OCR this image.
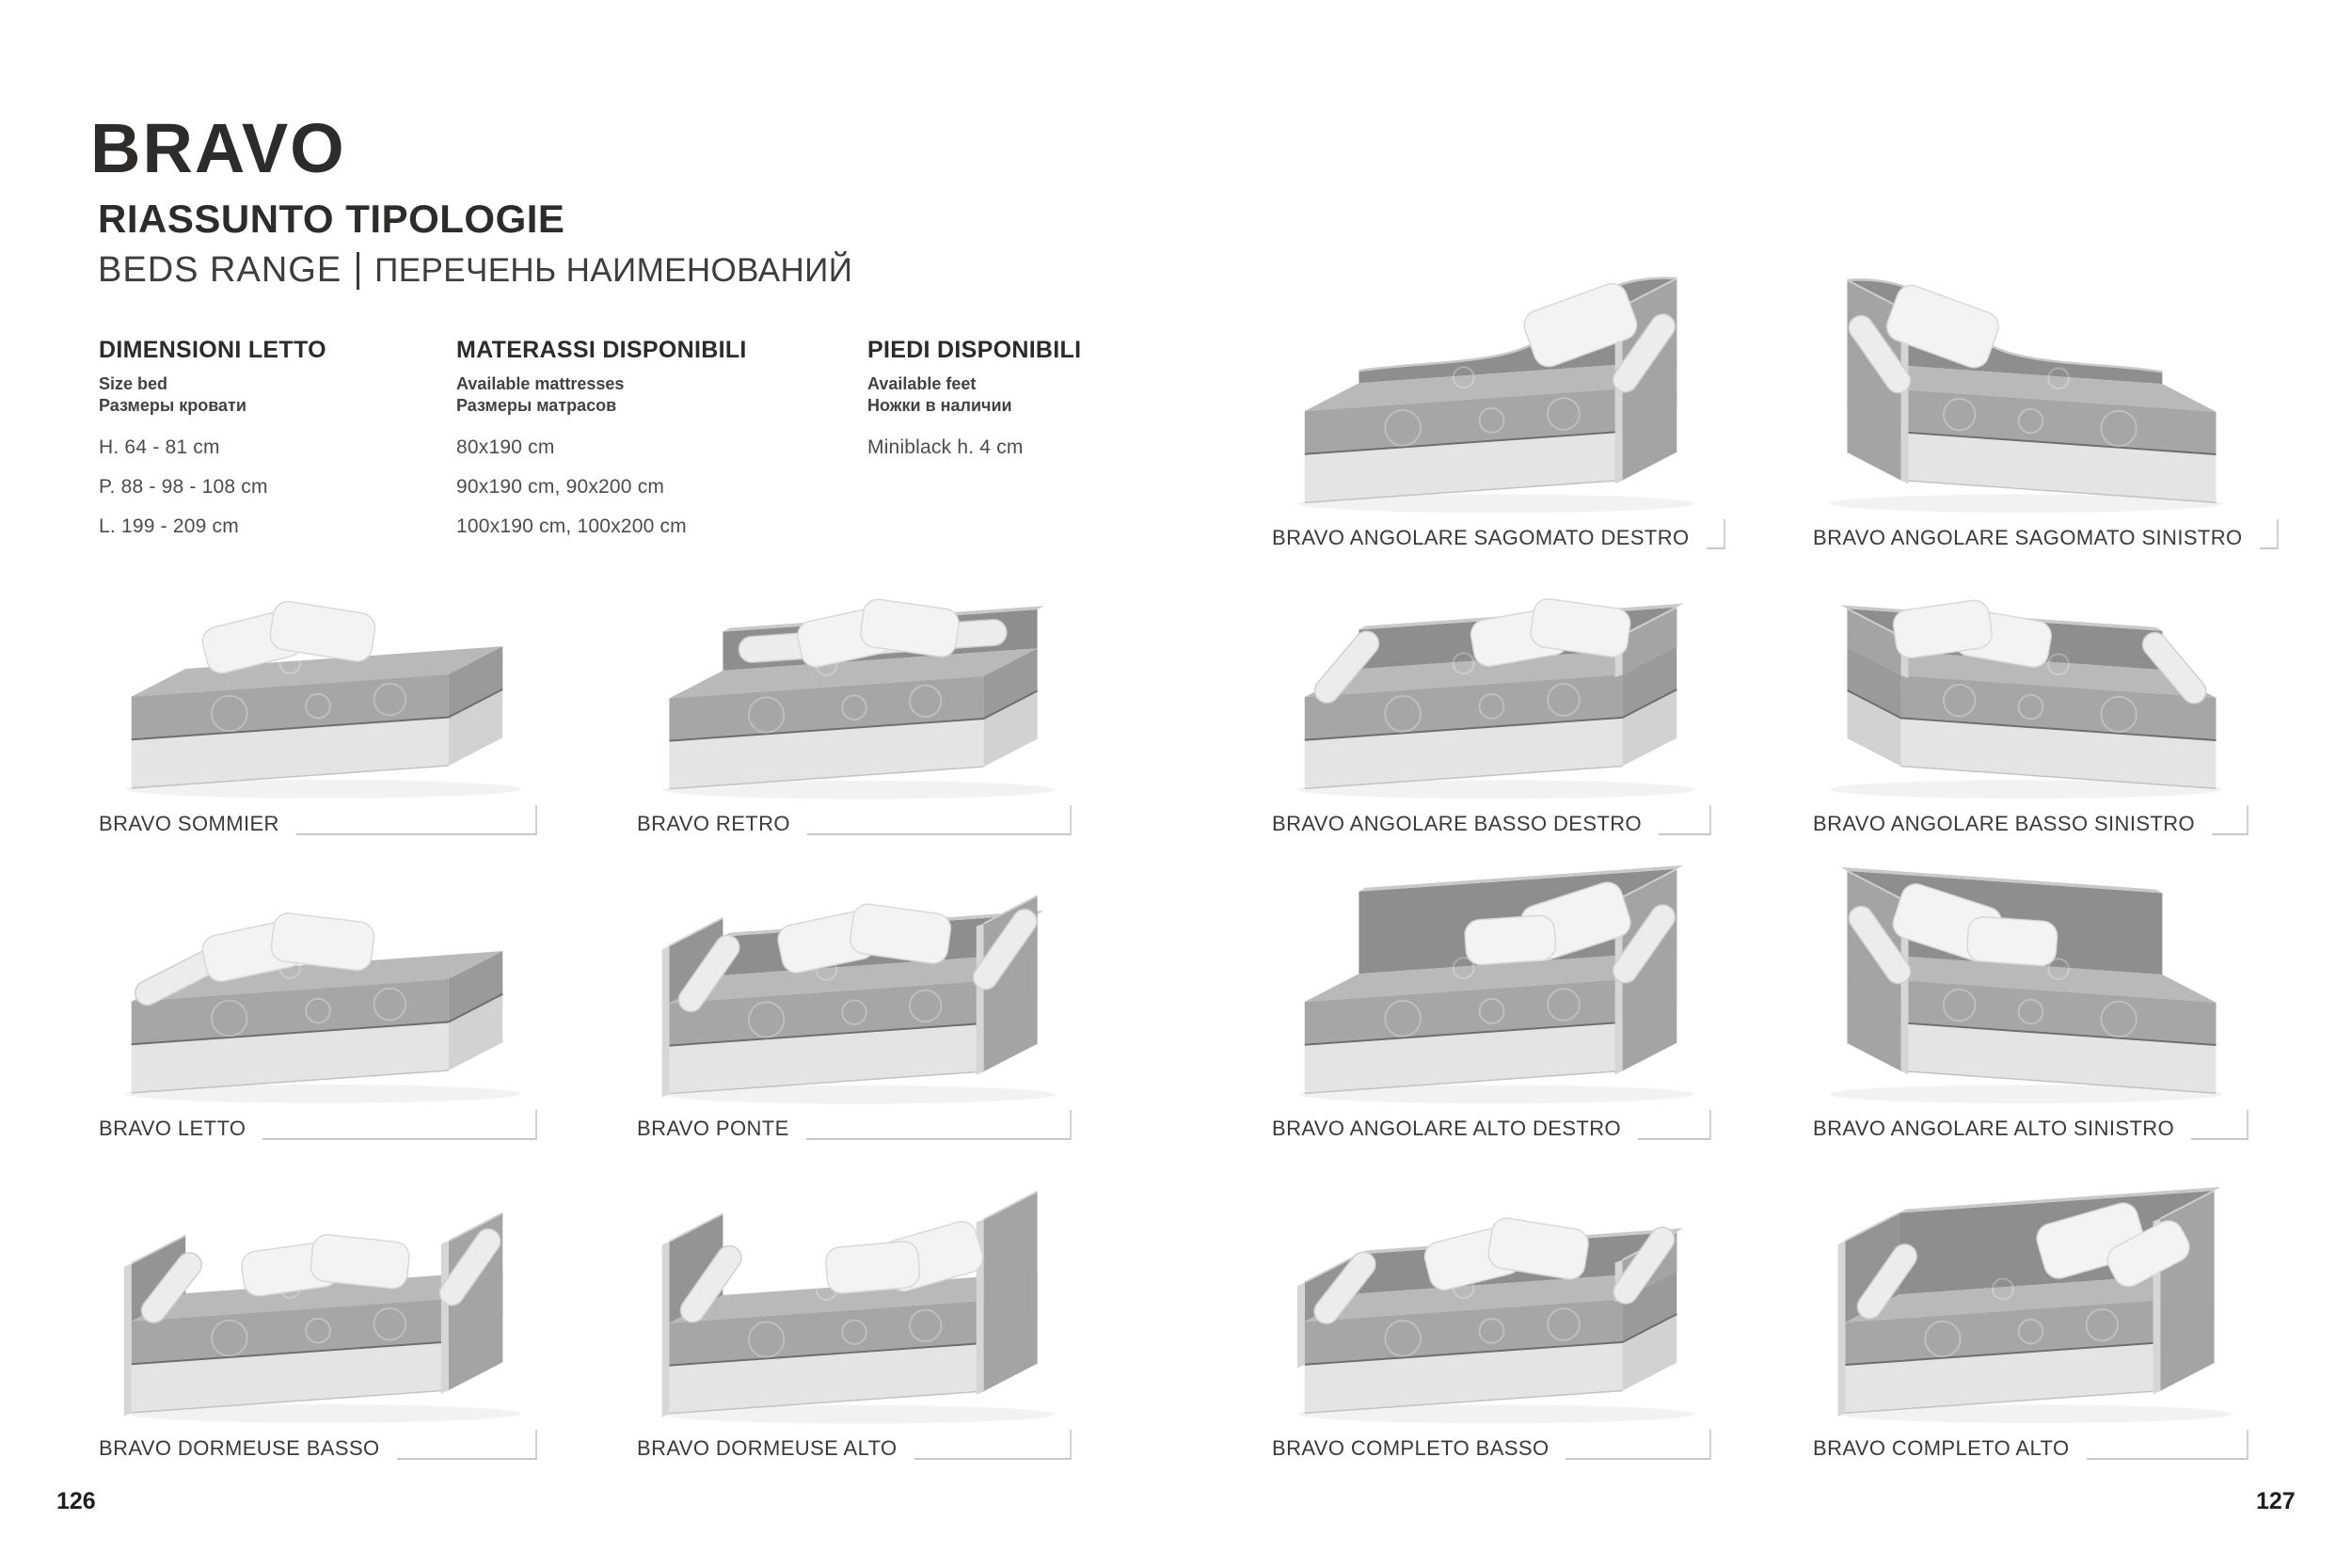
BRAVO
RIASSUNTO TIPOLOGIE
BEDS RANGE ПЕРЕЧЕНЬ НАИМЕНОВАНИЙ
DIMENSIONI LETTO
Size bed
Размеры кровати
H. 64 - 81 cm
P. 88 - 98 - 108 cm
L. 199 - 209 cm
MATERASSI DISPONIBILI
Available mattresses
Размеры матрасов
80x190 cm
90x190 cm, 90x200 cm
100x190 cm, 100x200 cm
PIEDI DISPONIBILI
Available feet
Ножки в наличии
Miniblack h. 4 cm
BRAVO ANGOLARE SAGOMATO DESTRO	BRAVO ANGOLARE SAGOMATO SINISTRO
BRAVO SOMMIER	BRAVO RETRO	BRAVO ANGOLARE BASSO DESTRO	BRAVO ANGOLARE BASSO SINISTRO
BRAVO LETTO	BRAVO PONTE	BRAVO ANGOLARE ALTO DESTRO	BRAVO ANGOLARE ALTO SINISTRO
BRAVO DORMEUSE BASSO	BRAVO DORMEUSE ALTO	BRAVO COMPLETO BASSO	BRAVO COMPLETO ALTO
126	127
